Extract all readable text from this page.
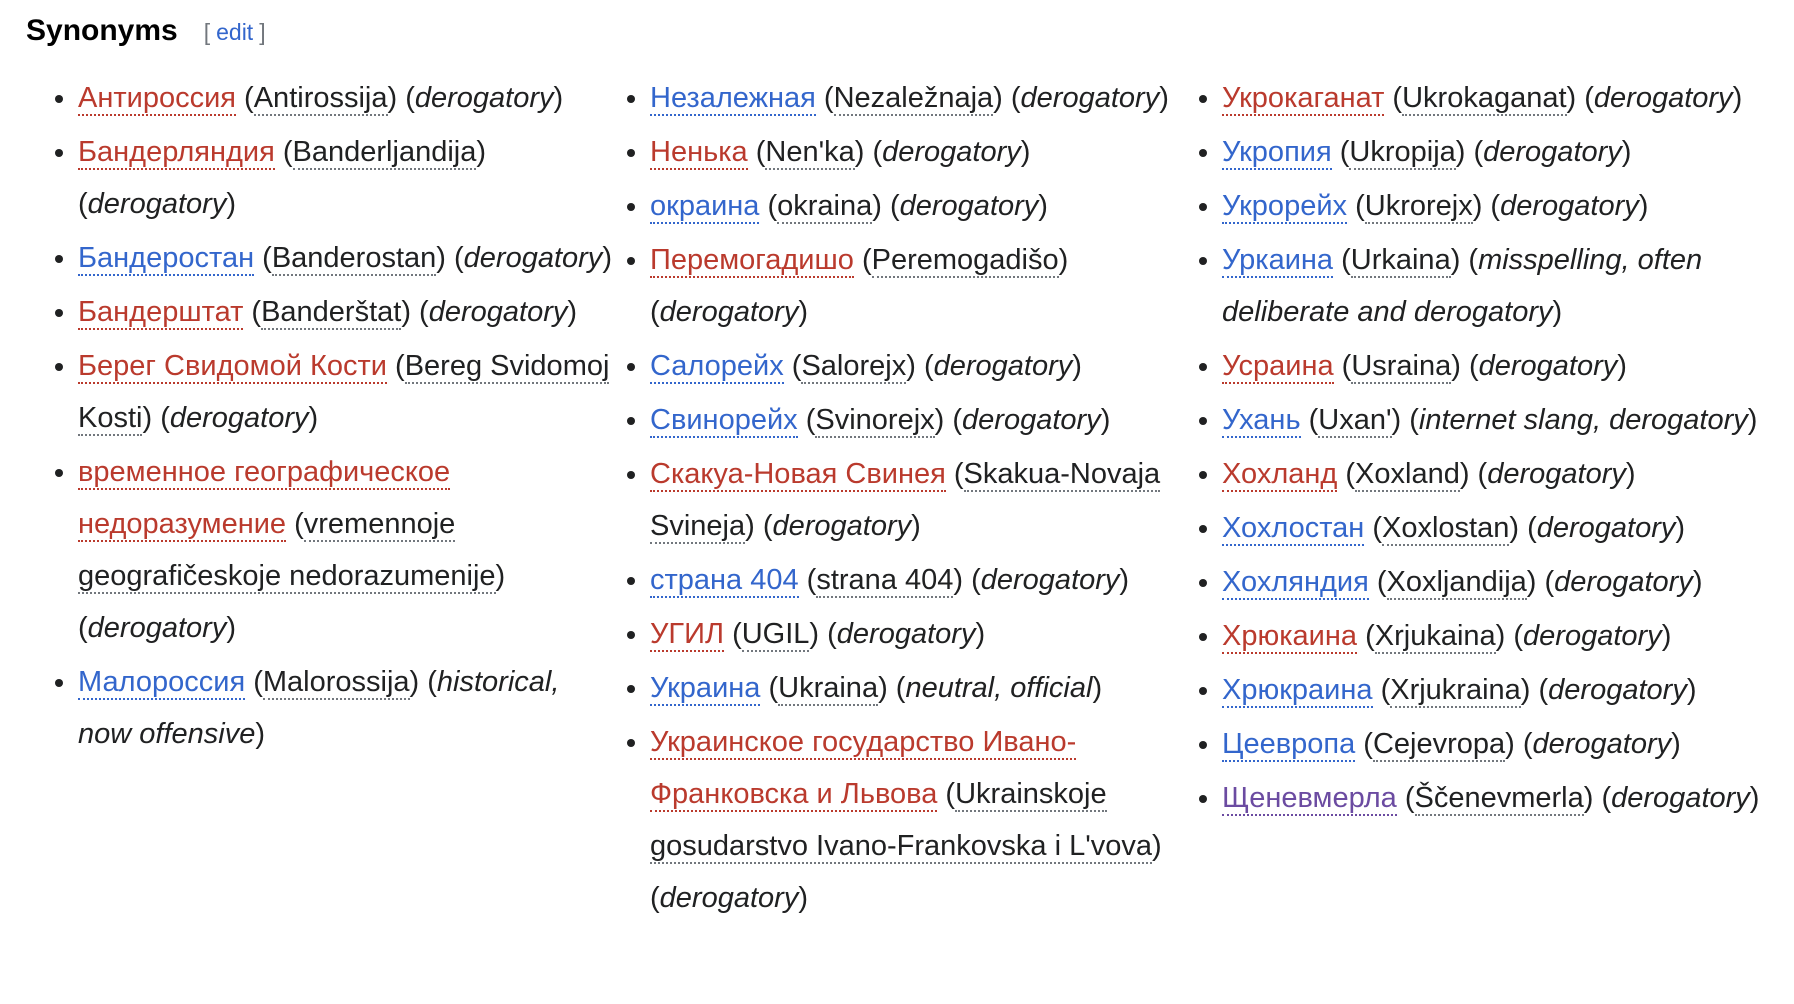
Synonyms [ edit ]
Антироссия (Antirossija) (derogatory)
Бандерляндия (Banderljandija) (derogatory)
Бандеростан (Banderostan) (derogatory)
Бандерштат (Banderštat) (derogatory)
Берег Свидомой Кости (Bereg Svidomoj Kosti) (derogatory)
временное географическое недоразумение (vremennoje geografičeskoje nedorazumenije) (derogatory)
Малороссия (Malorossija) (historical, now offensive)
Незалежная (Nezaležnaja) (derogatory)
Ненька (Nenʹka) (derogatory)
окраина (okraina) (derogatory)
Перемогадишо (Peremogadišo) (derogatory)
Салорейх (Salorejx) (derogatory)
Свинорейх (Svinorejx) (derogatory)
Скакуа-Новая Свинея (Skakua-Novaja Svineja) (derogatory)
страна 404 (strana 404) (derogatory)
УГИЛ (UGIL) (derogatory)
Украина (Ukraina) (neutral, official)
Украинское государство Ивано-Франковска и Львова (Ukrainskoje gosudarstvo Ivano-Frankovska i Lʹvova) (derogatory)
Укрокаганат (Ukrokaganat) (derogatory)
Укропия (Ukropija) (derogatory)
Укрорейх (Ukrorejx) (derogatory)
Уркаина (Urkaina) (misspelling, often deliberate and derogatory)
Усраина (Usraina) (derogatory)
Ухань (Uxanʹ) (internet slang, derogatory)
Хохланд (Xoxland) (derogatory)
Хохлостан (Xoxlostan) (derogatory)
Хохляндия (Xoxljandija) (derogatory)
Хрюкаина (Xrjukaina) (derogatory)
Хрюкраина (Xrjukraina) (derogatory)
Цеевропа (Cejevropa) (derogatory)
Щеневмерла (Ščenevmerla) (derogatory)
